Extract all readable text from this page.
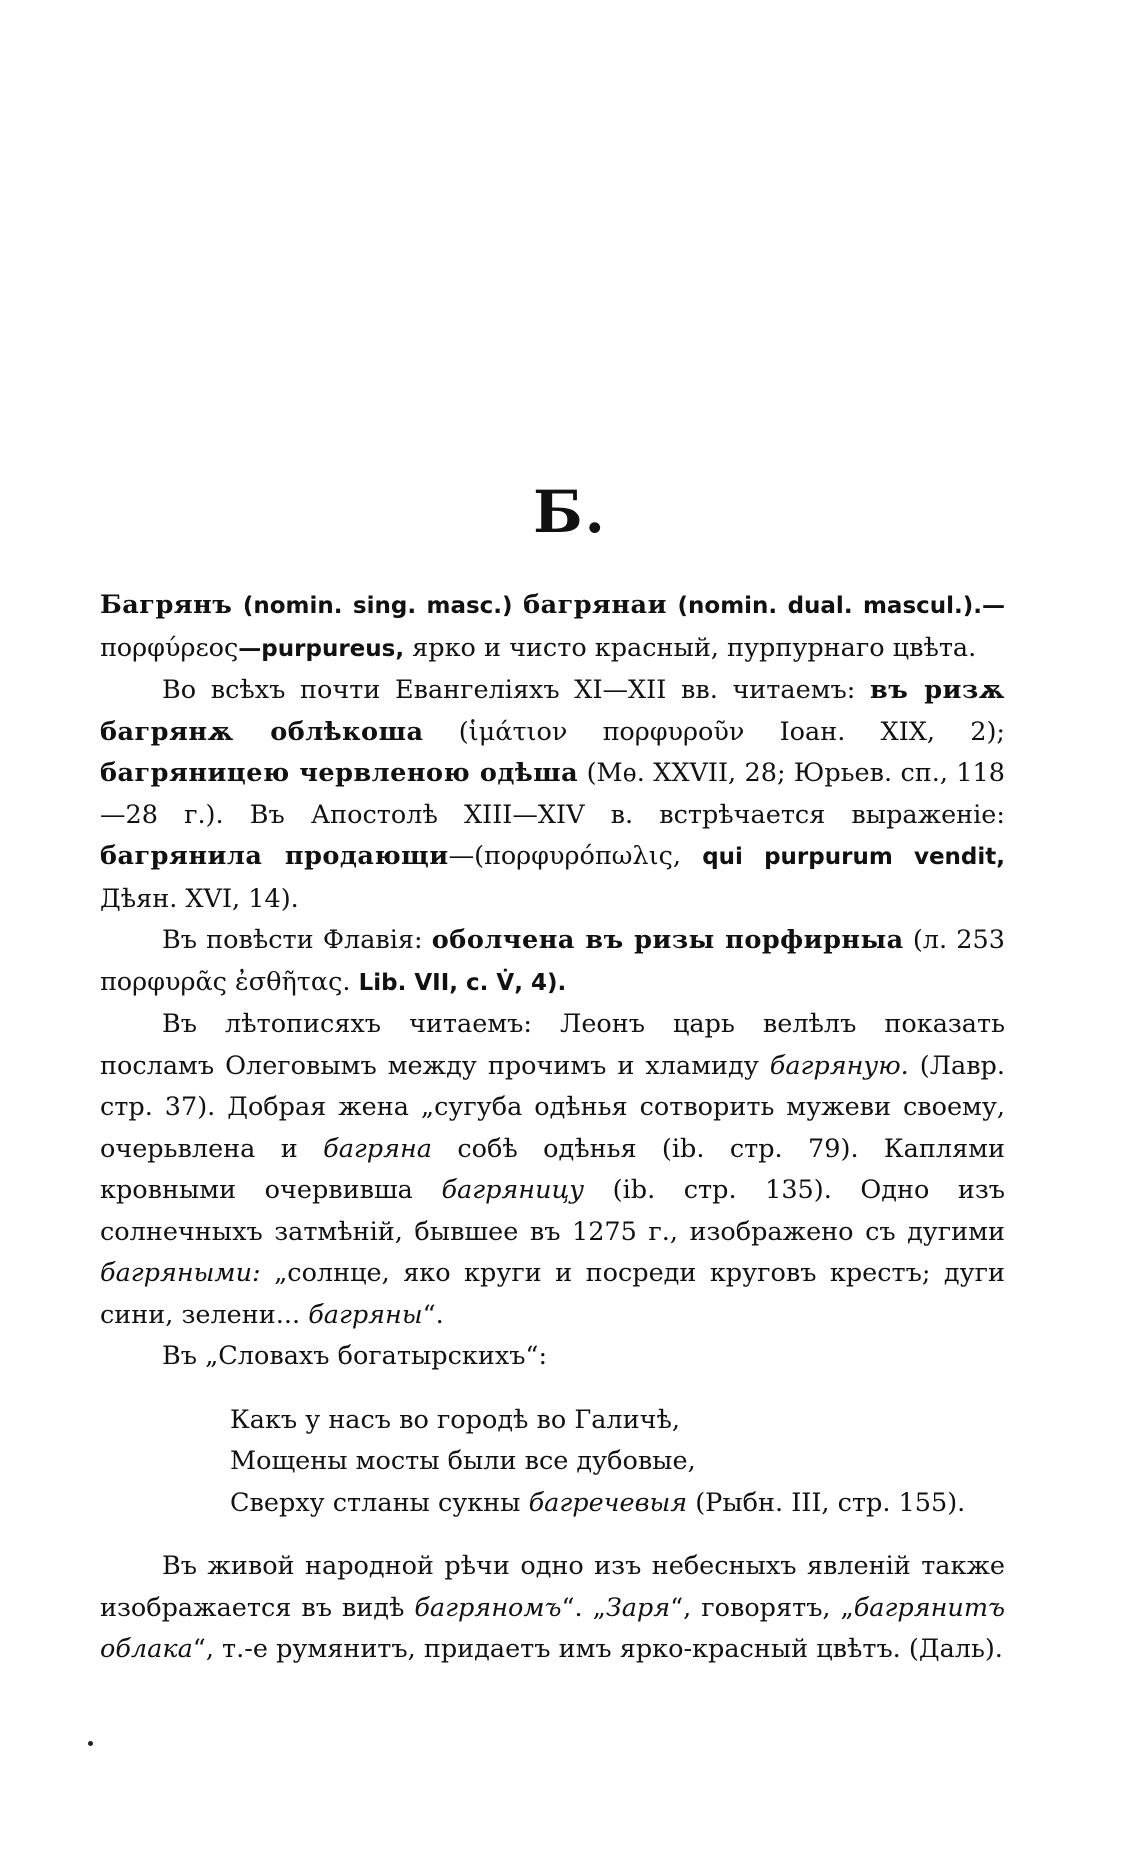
Б.

Багрянъ (nomin. sing. masc.) багрянаи (nomin. dual. mascul.).— πορφύρεος—purpureus, ярко и чисто красный, пурпурнаго цвѣта.

Во всѣхъ почти Евангеліяхъ XI—XII вв. читаемъ: въ ризѫ багрянѫ облѣкоша (ἱμάτιον πορφυροῦν Іоан. XIX, 2); багряницею червленою одѣша (Мѳ. XXVII, 28; Юрьев. сп., 118—28 г.). Въ Апостолѣ XIII—XIV в. встрѣчается выраженіе: багрянила продающи—(πορφυρόπωλις, qui purpurum vendit, Дѣян. XVI, 14).

Въ повѣсти Флавія: оболчена въ ризы порфирныа (л. 253 πορφυρᾶς ἐσθῆτας. Lib. VII, c. V̇, 4).

Въ лѣтописяхъ читаемъ: Леонъ царь велѣлъ показать посламъ Олеговымъ между прочимъ и хламиду багряную. (Лавр. стр. 37). Добрая жена „сугуба одѣнья сотворить мужеви своему, очерьвлена и багряна собѣ одѣнья (ib. стр. 79). Каплями кровными очервивша багряницу (ib. стр. 135). Одно изъ солнечныхъ затмѣній, бывшее въ 1275 г., изображено съ дугими багряными: „солнце, яко круги и посреди круговъ крестъ; дуги сини, зелени... багряны“.

Въ „Словахъ богатырскихъ“:

Какъ у насъ во городѣ во Галичѣ,
Мощены мосты были все дубовые,
Сверху стланы сукны багречевыя (Рыбн. III, стр. 155).

Въ живой народной рѣчи одно изъ небесныхъ явленій также изображается въ видѣ багряномъ“. „Заря“, говорятъ, „багрянитъ облака“, т.-е румянитъ, придаетъ имъ ярко-красный цвѣтъ. (Даль).
